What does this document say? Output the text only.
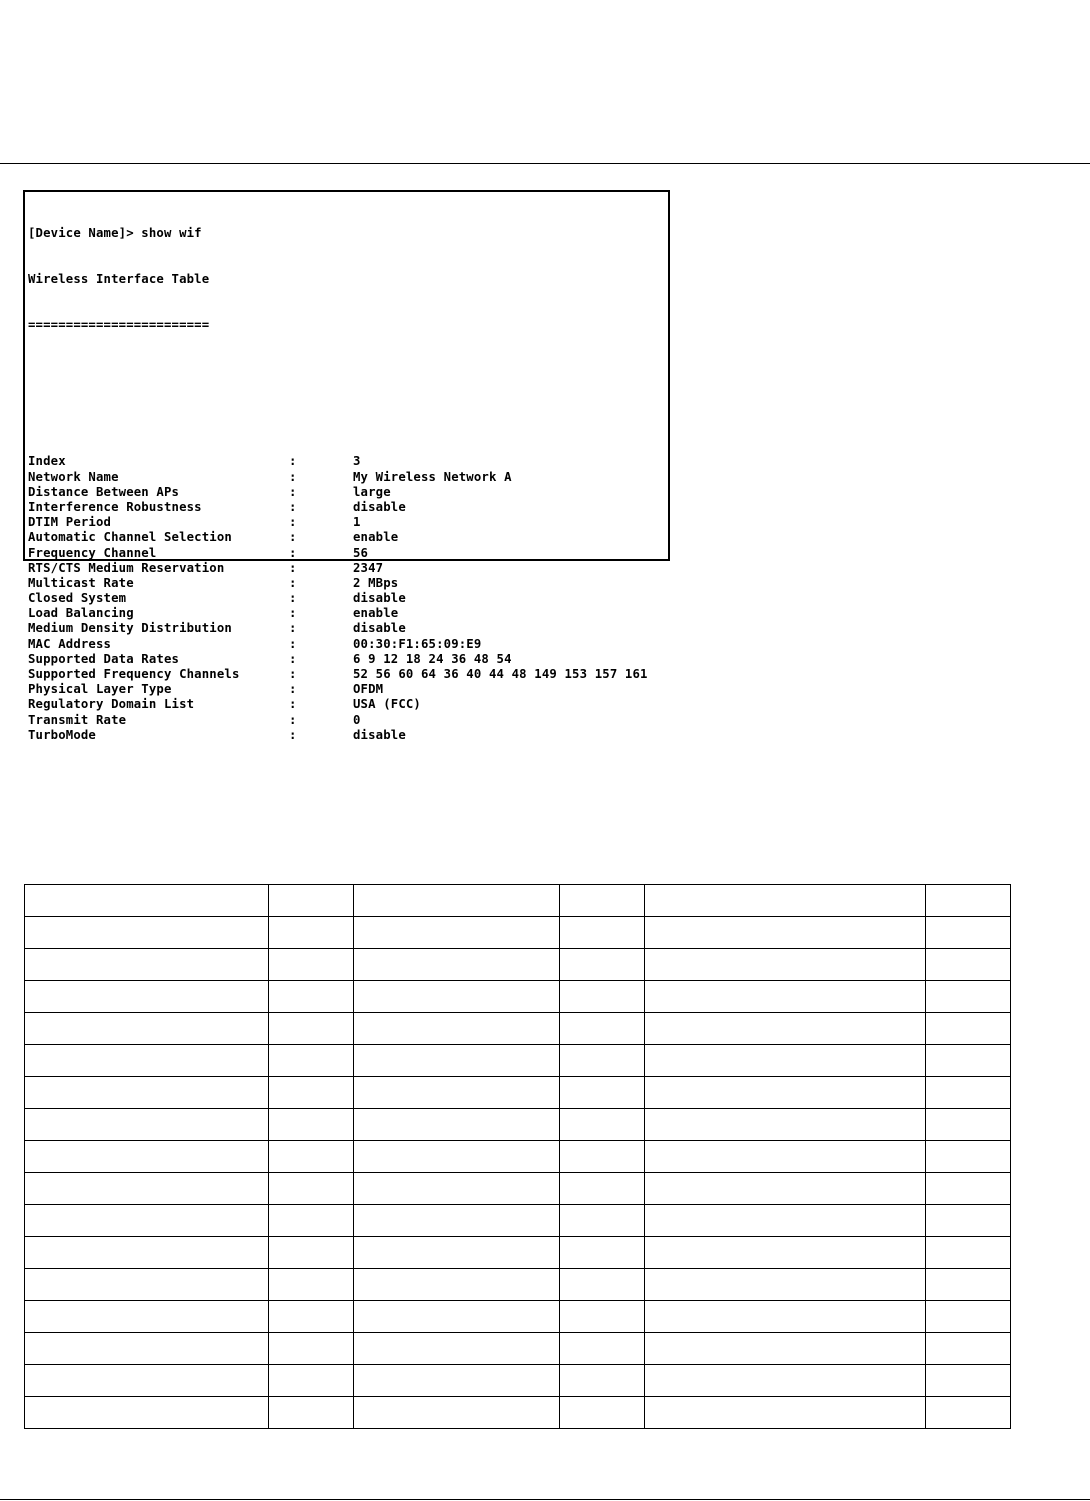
[Device Name]> show wif

Wireless Interface Table

========================

Index	:	3
Network Name	:	My Wireless Network A
Distance Between APs	:	large
Interference Robustness	:	disable
DTIM Period	:	1
Automatic Channel Selection	:	enable
Frequency Channel	:	56
RTS/CTS Medium Reservation	:	2347
Multicast Rate	:	2 MBps
Closed System	:	disable
Load Balancing	:	enable
Medium Density Distribution	:	disable
MAC Address	:	00:30:F1:65:09:E9
Supported Data Rates	:	6 9 12 18 24 36 48 54
Supported Frequency Channels	:	52 56 60 64 36 40 44 48 149 153 157 161
Physical Layer Type	:	OFDM
Regulatory Domain List	:	USA (FCC)
Transmit Rate	:	0
TurboMode	:	disable
